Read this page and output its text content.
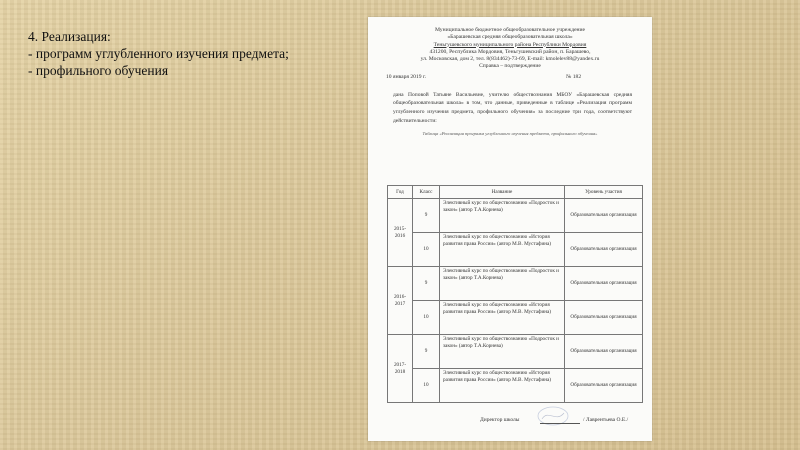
4. Реализация:
- программ углубленного изучения предмета;
- профильного обучения
Муниципальное бюджетное общеобразовательное учреждение
«Барашевская средняя общеобразовательная школа»
Теньгушевского муниципального района Республики Мордовия
431200, Республика Мордовия, Теньгушевский район, п. Барашево,
ул. Московская, дом 2, тел. 8(834462)-73-69, E-mail: kmolelev88@yandex.ru
Справка – подтверждение
10 января 2019 г.	№ 182
дана Поповой Татьяне Васильевне, учителю обществознания МБОУ «Барашевская средняя общеобразовательная школа» в том, что данные, приведенные в таблице «Реализация программ углубленного изучения предмета, профильного обучения» за последние три года, соответствуют действительности:
Таблица «Реализация программ углубленного изучения предмета, профильного обучения»
Год	Класс	Название	Уровень участия
2015-2016	9	Элективный курс по обществознанию «Подросток и закон» (автор Т.А.Корнева)	Образовательная организация
	10	Элективный курс по обществознанию «История развития права России» (автор М.В. Мустафина)	Образовательная организация
2016-2017	9	Элективный курс по обществознанию «Подросток и закон» (автор Т.А.Корнева)	Образовательная организация
	10	Элективный курс по обществознанию «История развития права России» (автор М.В. Мустафина)	Образовательная организация
2017-2018	9	Элективный курс по обществознанию «Подросток и закон» (автор Т.А.Корнева)	Образовательная организация
	10	Элективный курс по обществознанию «История развития права России» (автор М.В. Мустафина)	Образовательная организация
Директор школы	/ Лаврентьева О.Е./
